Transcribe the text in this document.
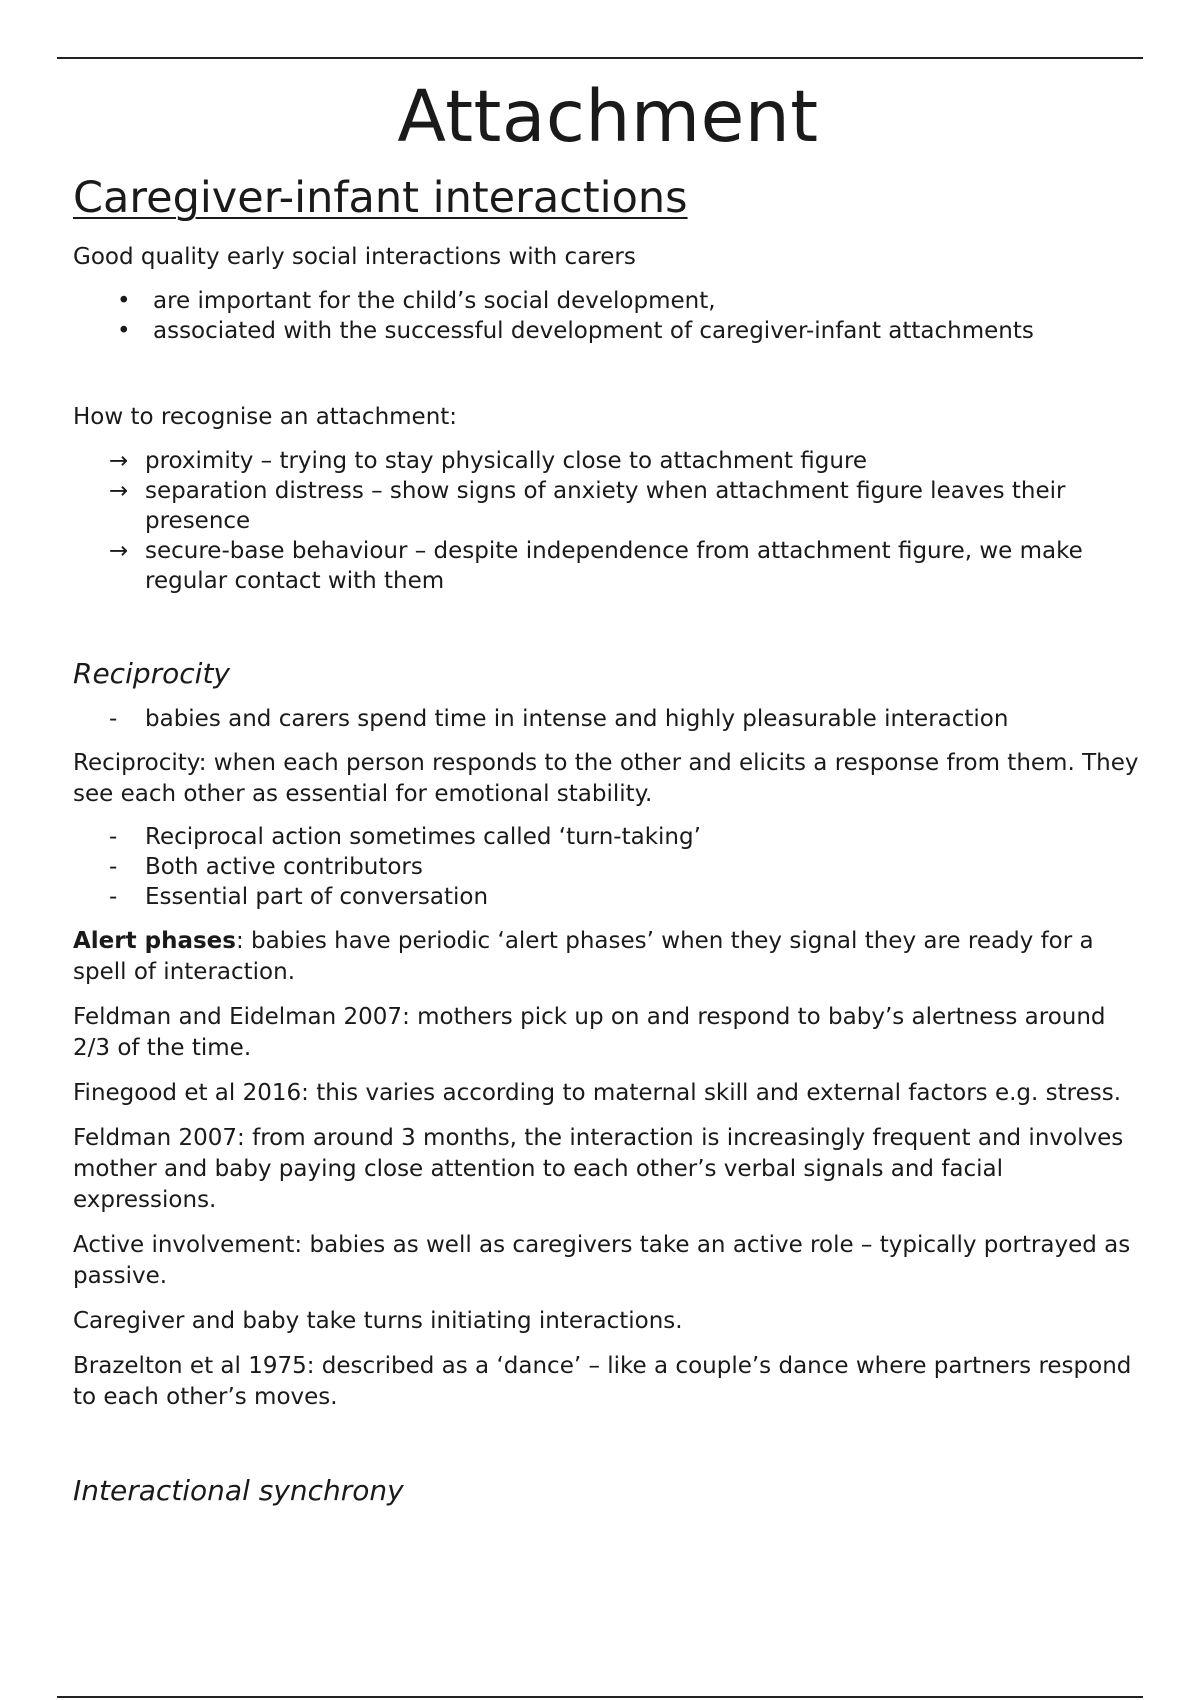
Attachment
Caregiver-infant interactions

Good quality early social interactions with carers

• are important for the child’s social development,
• associated with the successful development of caregiver-infant attachments

How to recognise an attachment:

→ proximity – trying to stay physically close to attachment figure
→ separation distress – show signs of anxiety when attachment figure leaves their presence
→ secure-base behaviour – despite independence from attachment figure, we make regular contact with them
Reciprocity
- babies and carers spend time in intense and highly pleasurable interaction

Reciprocity: when each person responds to the other and elicits a response from them. They see each other as essential for emotional stability.

- Reciprocal action sometimes called ‘turn-taking’
- Both active contributors
- Essential part of conversation

Alert phases: babies have periodic ‘alert phases’ when they signal they are ready for a spell of interaction.

Feldman and Eidelman 2007: mothers pick up on and respond to baby’s alertness around 2/3 of the time.

Finegood et al 2016: this varies according to maternal skill and external factors e.g. stress.

Feldman 2007: from around 3 months, the interaction is increasingly frequent and involves mother and baby paying close attention to each other’s verbal signals and facial expressions.

Active involvement: babies as well as caregivers take an active role – typically portrayed as passive.

Caregiver and baby take turns initiating interactions.

Brazelton et al 1975: described as a ‘dance’ – like a couple’s dance where partners respond to each other’s moves.

Interactional synchrony
